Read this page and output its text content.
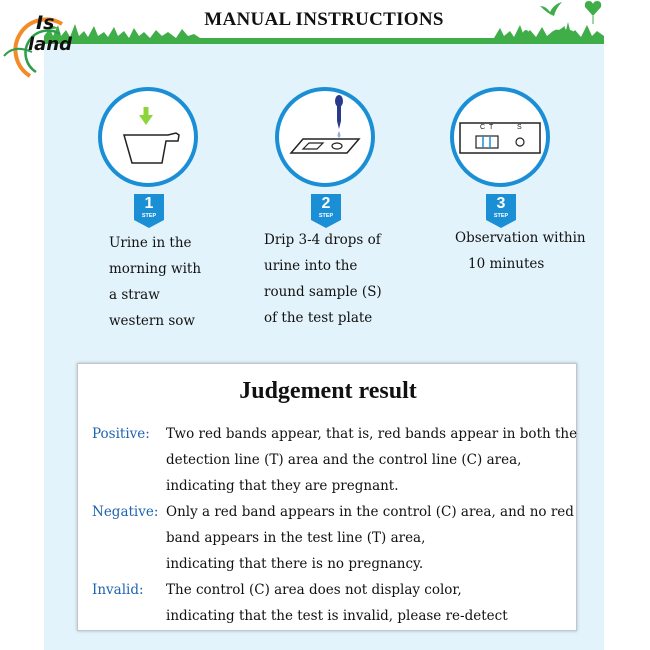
MANUAL INSTRUCTIONS
Is
land
1
STEP
Urine in the
morning with
a straw
western sow
2
STEP
Drip 3-4 drops of
urine into the
round sample (S)
of the test plate
C T	S
3
STEP
Observation within
10 minutes
Judgement result
Positive: Two red bands appear, that is, red bands appear in both the
detection line (T) area and the control line (C) area,
indicating that they are pregnant.
Negative: Only a red band appears in the control (C) area, and no red
band appears in the test line (T) area,
indicating that there is no pregnancy.
Invalid: The control (C) area does not display color,
indicating that the test is invalid, please re-detect
